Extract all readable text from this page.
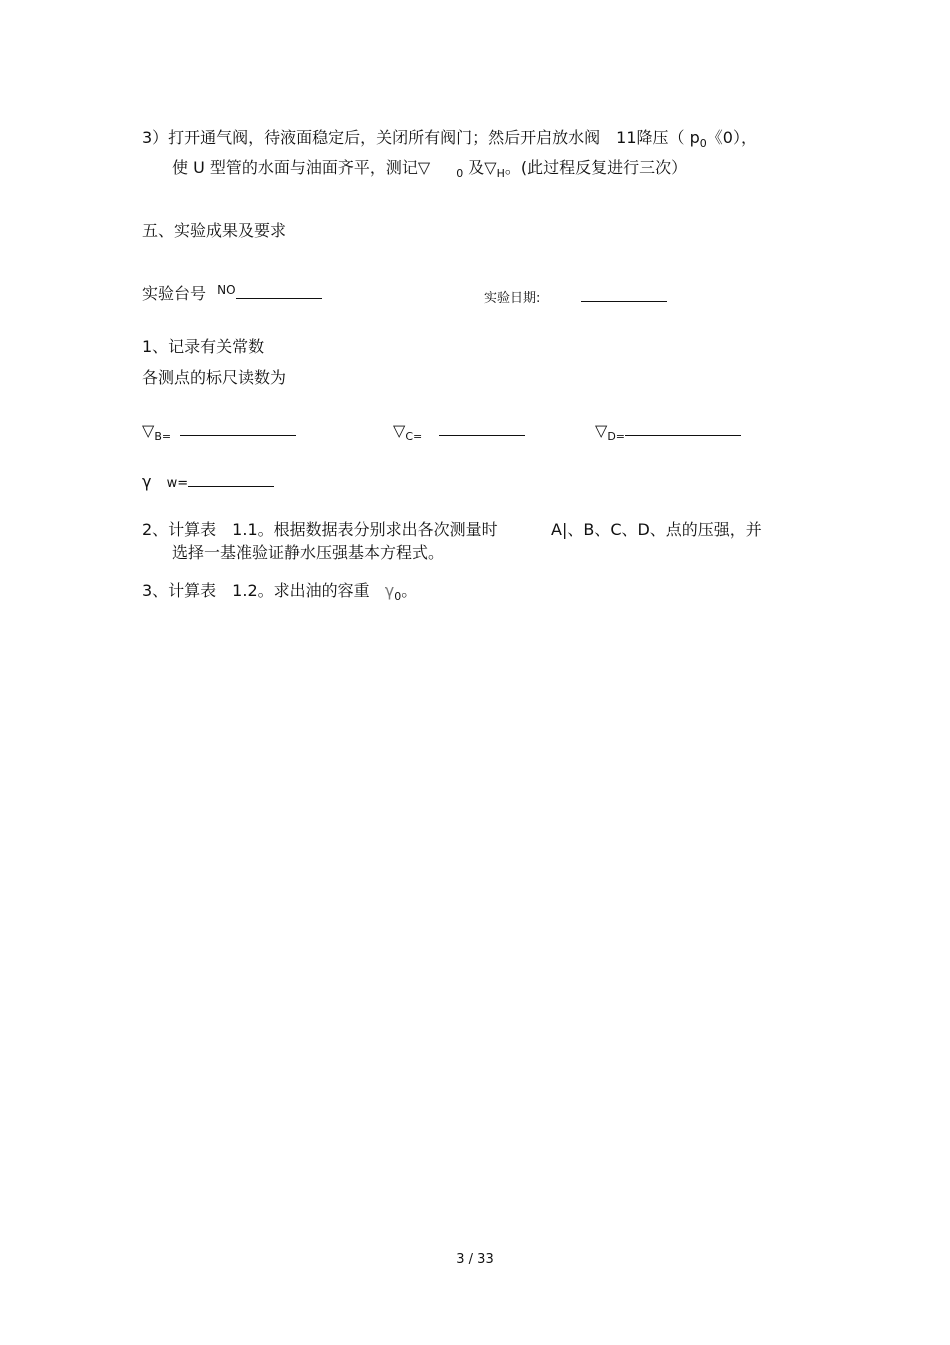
3）打开通气阀，待液面稳定后，关闭所有阀门；然后开启放水阀　11降压（ $p_0$《0），
使 U 型管的水面与油面齐平，测记▽ $_0$ 及$▽_H$。(此过程反复进行三次）
五、实验成果及要求
实验台号 $^{NO}$
实验日期:
1、记录有关常数
各测点的标尺读数为
$▽_{B=}$	$▽_{C=}$	$▽_{D=}$
γ w=
2、计算表　1.1。根据数据表分别求出各次测量时	A|、B、C、D、点的压强，并
选择一基准验证静水压强基本方程式。
3、计算表　1.2。求出油的容重 $\gamma_0$。
3 / 33
